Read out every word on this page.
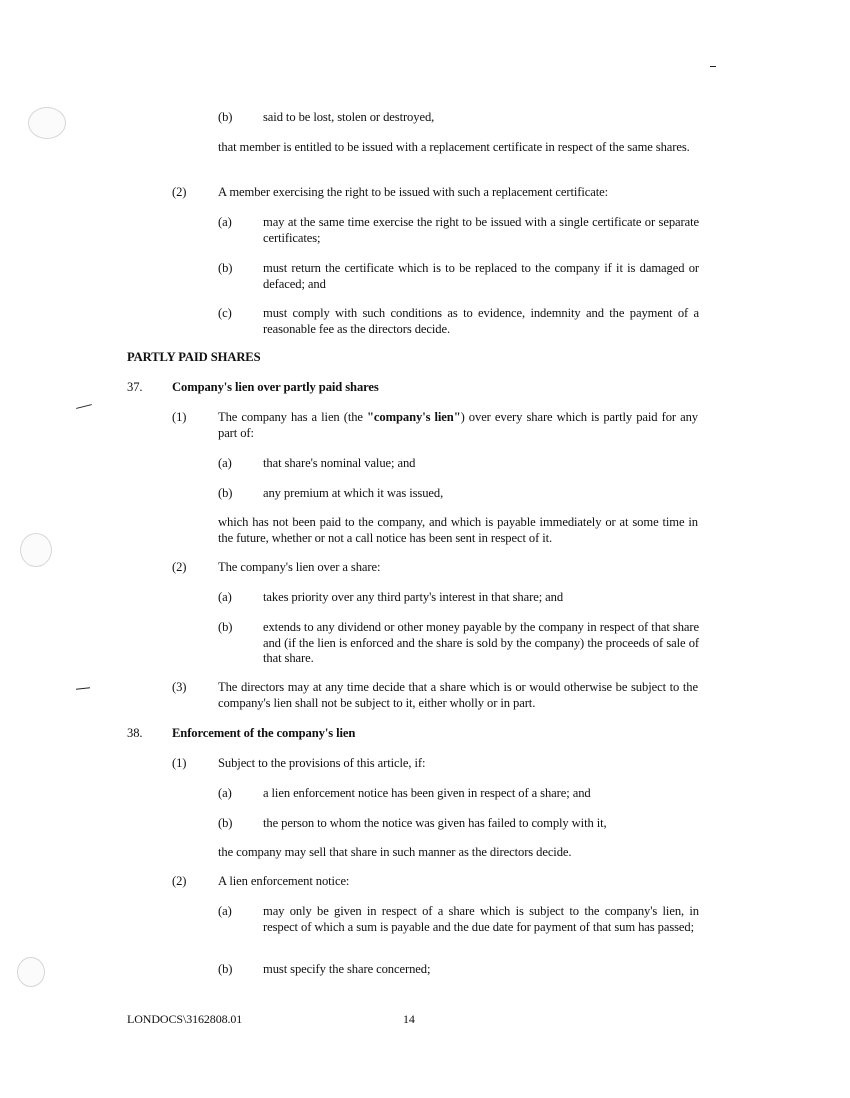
(b) said to be lost, stolen or destroyed,

that member is entitled to be issued with a replacement certificate in respect of the same shares.

(2)	A member exercising the right to be issued with such a replacement certificate:

(a) may at the same time exercise the right to be issued with a single certificate or separate certificates;

(b) must return the certificate which is to be replaced to the company if it is damaged or defaced; and

(c) must comply with such conditions as to evidence, indemnity and the payment of a reasonable fee as the directors decide.

PARTLY PAID SHARES

37. Company's lien over partly paid shares

(1)	The company has a lien (the "company's lien") over every share which is partly paid for any part of:

(a) that share's nominal value; and

(b) any premium at which it was issued,

which has not been paid to the company, and which is payable immediately or at some time in the future, whether or not a call notice has been sent in respect of it.

(2)	The company's lien over a share:

(a) takes priority over any third party's interest in that share; and

(b) extends to any dividend or other money payable by the company in respect of that share and (if the lien is enforced and the share is sold by the company) the proceeds of sale of that share.

(3)	The directors may at any time decide that a share which is or would otherwise be subject to the company's lien shall not be subject to it, either wholly or in part.

38. Enforcement of the company's lien

(1)	Subject to the provisions of this article, if:

(a) a lien enforcement notice has been given in respect of a share; and

(b) the person to whom the notice was given has failed to comply with it,

the company may sell that share in such manner as the directors decide.

(2)	A lien enforcement notice:

(a) may only be given in respect of a share which is subject to the company's lien, in respect of which a sum is payable and the due date for payment of that sum has passed;

(b) must specify the share concerned;

LONDOCS\3162808.01	14
